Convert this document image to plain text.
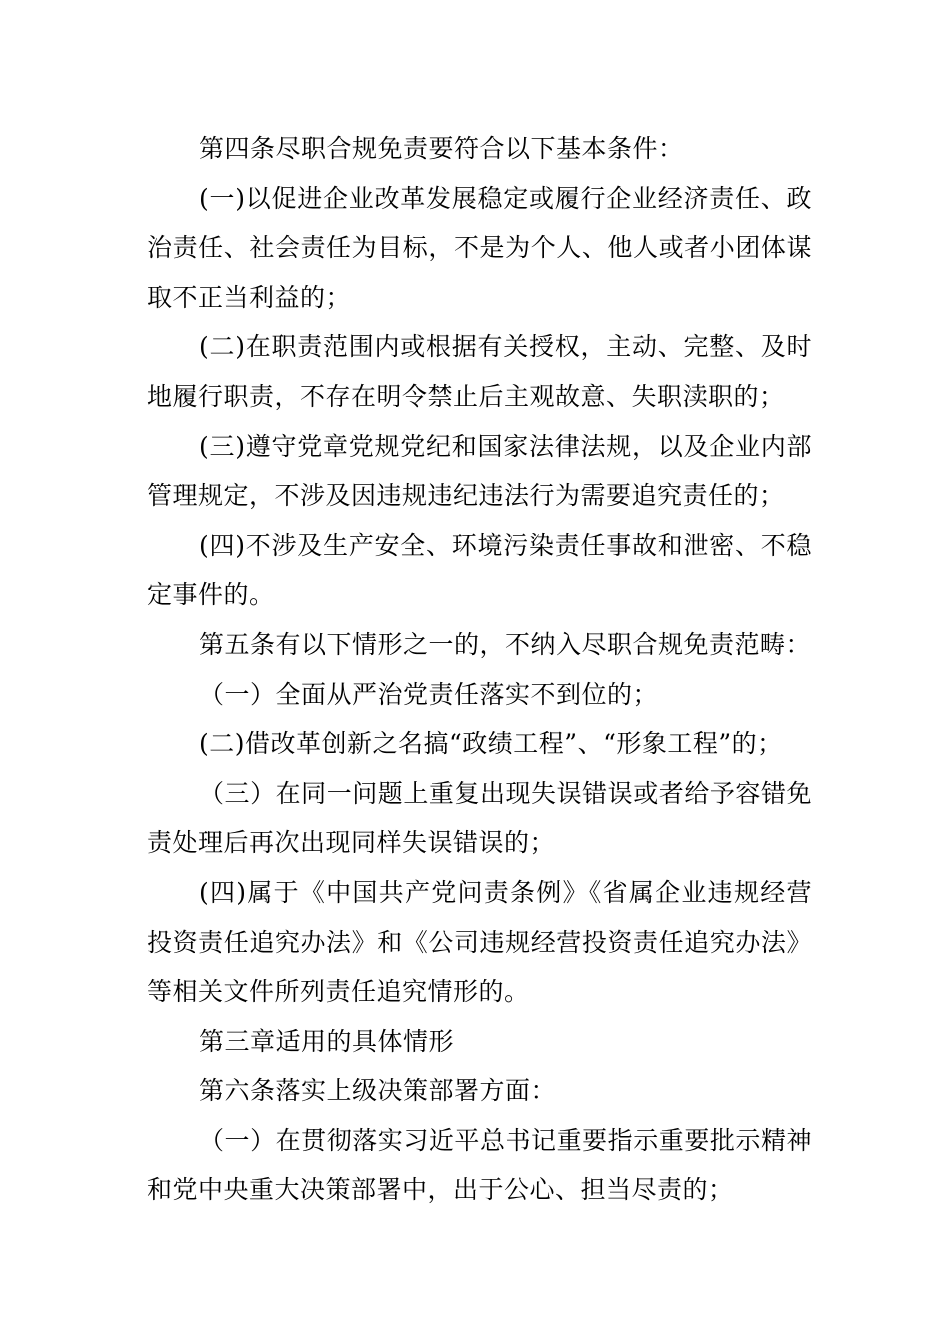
第四条尽职合规免责要符合以下基本条件：

(一)以促进企业改革发展稳定或履行企业经济责任、政治责任、社会责任为目标，不是为个人、他人或者小团体谋取不正当利益的；

(二)在职责范围内或根据有关授权，主动、完整、及时地履行职责，不存在明令禁止后主观故意、失职渎职的；

(三)遵守党章党规党纪和国家法律法规，以及企业内部管理规定，不涉及因违规违纪违法行为需要追究责任的；

(四)不涉及生产安全、环境污染责任事故和泄密、不稳定事件的。

第五条有以下情形之一的，不纳入尽职合规免责范畴：

（一）全面从严治党责任落实不到位的；

(二)借改革创新之名搞“政绩工程”、“形象工程”的；

（三）在同一问题上重复出现失误错误或者给予容错免责处理后再次出现同样失误错误的；

(四)属于《中国共产党问责条例》《省属企业违规经营投资责任追究办法》和《公司违规经营投资责任追究办法》等相关文件所列责任追究情形的。

第三章适用的具体情形

第六条落实上级决策部署方面：

（一）在贯彻落实习近平总书记重要指示重要批示精神和党中央重大决策部署中，出于公心、担当尽责的；
